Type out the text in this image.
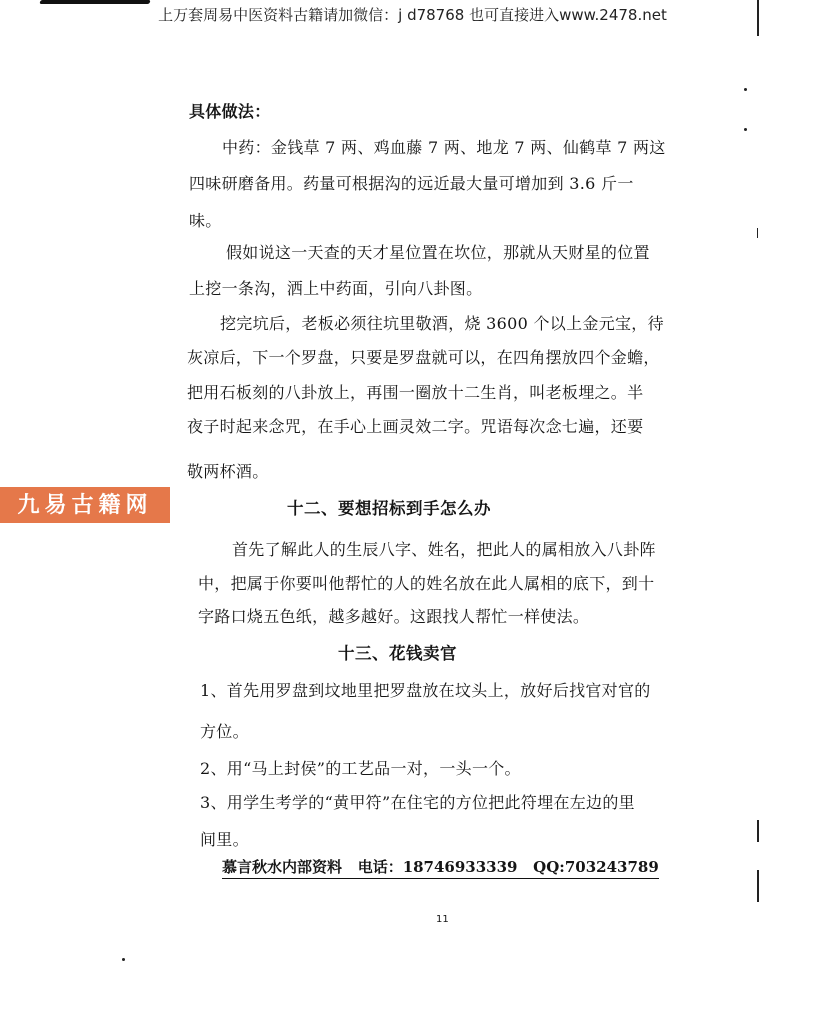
上万套周易中医资料古籍请加微信：j d78768 也可直接进入www.2478.net
具体做法：
中药：金钱草 7 两、鸡血藤 7 两、地龙 7 两、仙鹤草 7 两这
四味研磨备用。药量可根据沟的远近最大量可增加到 3.6 斤一
味。
假如说这一天查的天才星位置在坎位，那就从天财星的位置
上挖一条沟，洒上中药面，引向八卦图。
挖完坑后，老板必须往坑里敬酒，烧 3600 个以上金元宝，待
灰凉后，下一个罗盘，只要是罗盘就可以，在四角摆放四个金蟾，
把用石板刻的八卦放上，再围一圈放十二生肖，叫老板埋之。半
夜子时起来念咒，在手心上画灵效二字。咒语每次念七遍，还要
敬两杯酒。
九易古籍网	十二、要想招标到手怎么办
首先了解此人的生辰八字、姓名，把此人的属相放入八卦阵
中，把属于你要叫他帮忙的人的姓名放在此人属相的底下，到十
字路口烧五色纸，越多越好。这跟找人帮忙一样使法。
十三、花钱卖官
1、首先用罗盘到坟地里把罗盘放在坟头上，放好后找官对官的
方位。
2、用“马上封侯”的工艺品一对，一头一个。
3、用学生考学的“黄甲符”在住宅的方位把此符埋在左边的里
间里。
慕言秋水内部资料 电话：18746933339 QQ:703243789
11
